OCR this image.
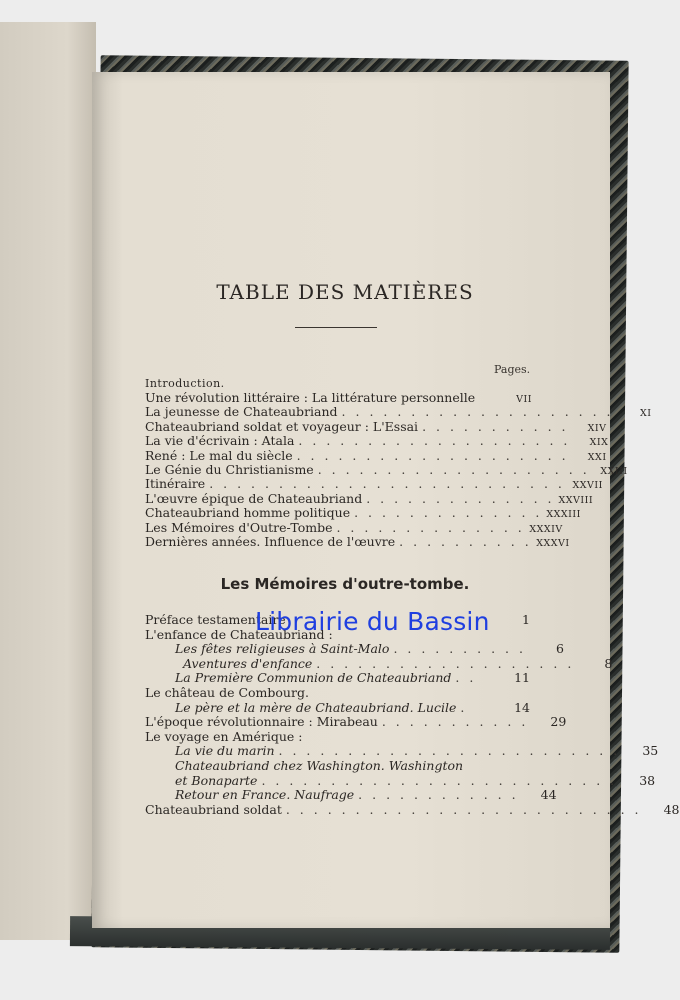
TABLE DES MATIÈRES
Pages.
Introduction.
Une révolution littéraire : La littérature personnelle	VII
La jeunesse de Chateaubriand . . . . . . . . . . . . . . . . . . . .	XI
Chateaubriand soldat et voyageur : L'Essai . . . . . . . . . . .	XIV
La vie d'écrivain : Atala . . . . . . . . . . . . . . . . . . . .	XIX
René : Le mal du siècle . . . . . . . . . . . . . . . . . . . .	XXI
Le Génie du Christianisme . . . . . . . . . . . . . . . . . . . .	XXIII
Itinéraire . . . . . . . . . . . . . . . . . . . . . . . . . . XXVII
L'œuvre épique de Chateaubriand . . . . . . . . . . . . . . XXVIII
Chateaubriand homme politique . . . . . . . . . . . . . . XXXIII
Les Mémoires d'Outre-Tombe . . . . . . . . . . . . . . XXXIV
Dernières années. Influence de l'œuvre . . . . . . . . . . XXXVI
Les Mémoires d'outre-tombe.
Préface testamentaire	1
L'enfance de Chateaubriand :
Les fêtes religieuses à Saint-Malo . . . . . . . . . .	6
Aventures d'enfance . . . . . . . . . . . . . . . . . . .	8
La Première Communion de Chateaubriand . .	11
Le château de Combourg.
Le père et la mère de Chateaubriand. Lucile .	14
L'époque révolutionnaire : Mirabeau . . . . . . . . . . .	29
Le voyage en Amérique :
La vie du marin . . . . . . . . . . . . . . . . . . . . . . . . .	35
Chateaubriand chez Washington. Washington
et Bonaparte . . . . . . . . . . . . . . . . . . . . . . . . . .	38
Retour en France. Naufrage . . . . . . . . . . . .	44
Chateaubriand soldat . . . . . . . . . . . . . . . . . . . . . . . . . .	48
Librairie du Bassin
